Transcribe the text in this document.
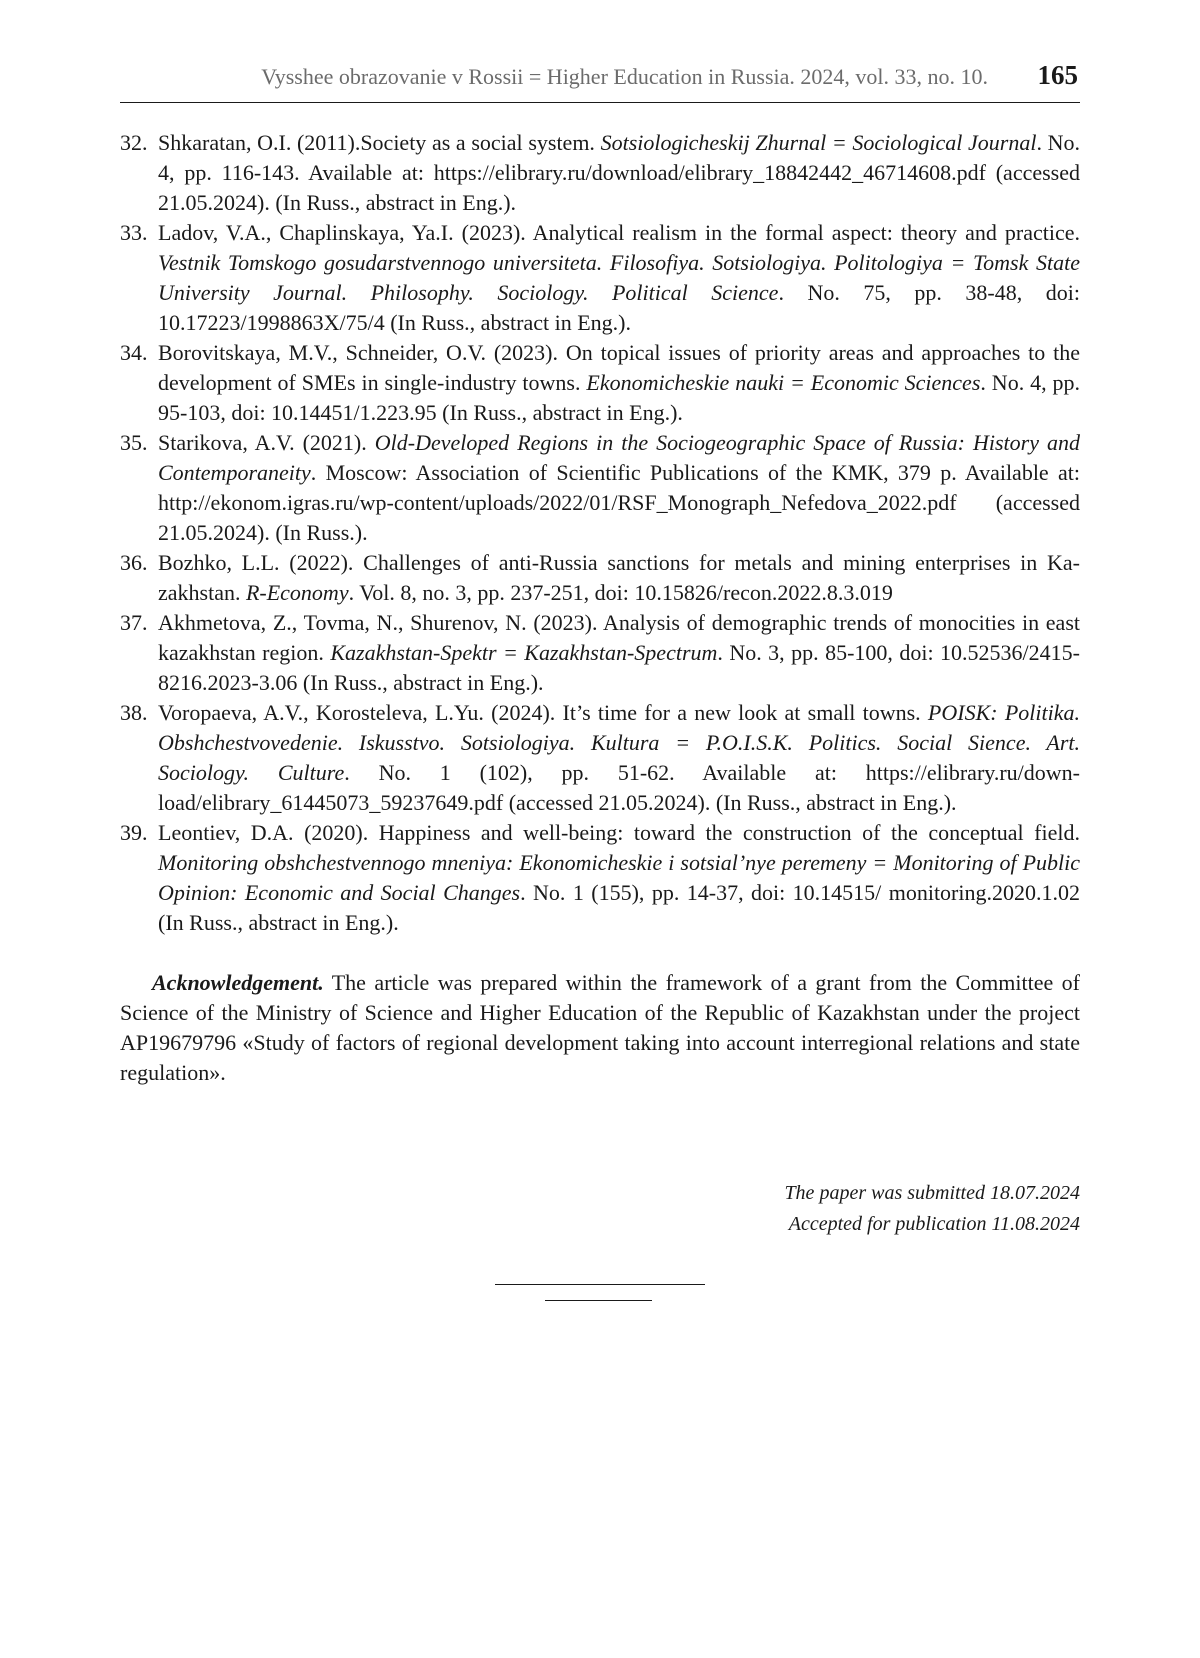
Vysshee obrazovanie v Rossii = Higher Education in Russia. 2024, vol. 33, no. 10. 165
32. Shkaratan, O.I. (2011).Society as a social system. Sotsiologicheskij Zhurnal = Sociological Journal. No. 4, pp. 116-143. Available at: https://elibrary.ru/download/elibrary_18842442_46714608.pdf (accessed 21.05.2024). (In Russ., abstract in Eng.).
33. Ladov, V.A., Chaplinskaya, Ya.I. (2023). Analytical realism in the formal aspect: theory and practice. Vestnik Tomskogo gosudarstvennogo universiteta. Filosofiya. Sotsiologiya. Politologiya = Tomsk State University Journal. Philosophy. Sociology. Political Science. No. 75, pp. 38-48, doi: 10.17223/1998863X/75/4 (In Russ., abstract in Eng.).
34. Borovitskaya, M.V., Schneider, O.V. (2023). On topical issues of priority areas and approaches to the development of SMEs in single-industry towns. Ekonomicheskie nauki = Economic Sciences. No. 4, pp. 95-103, doi: 10.14451/1.223.95 (In Russ., abstract in Eng.).
35. Starikova, A.V. (2021). Old-Developed Regions in the Sociogeographic Space of Russia: History and Contemporaneity. Moscow: Association of Scientific Publications of the KMK, 379 p. Available at: http://ekonom.igras.ru/wp-content/uploads/2022/01/RSF_Monograph_Nefedova_2022.pdf (accessed 21.05.2024). (In Russ.).
36. Bozhko, L.L. (2022). Challenges of anti-Russia sanctions for metals and mining enterprises in Kazakhstan. R-Economy. Vol. 8, no. 3, pp. 237-251, doi: 10.15826/recon.2022.8.3.019
37. Akhmetova, Z., Tovma, N., Shurenov, N. (2023). Analysis of demographic trends of monocities in east kazakhstan region. Kazakhstan-Spektr = Kazakhstan-Spectrum. No. 3, pp. 85-100, doi: 10.52536/2415-8216.2023-3.06 (In Russ., abstract in Eng.).
38. Voropaeva, A.V., Korosteleva, L.Yu. (2024). It’s time for a new look at small towns. POISK: Politika. Obshchestvovedenie. Iskusstvo. Sotsiologiya. Kultura = P.O.I.S.K. Politics. Social Sience. Art. Sociology. Culture. No. 1 (102), pp. 51-62. Available at: https://elibrary.ru/download/elibrary_61445073_59237649.pdf (accessed 21.05.2024). (In Russ., abstract in Eng.).
39. Leontiev, D.A. (2020). Happiness and well-being: toward the construction of the conceptual field. Monitoring obshchestvennogo mneniya: Ekonomicheskie i sotsial’nye peremeny = Monitoring of Public Opinion: Economic and Social Changes. No. 1 (155), pp. 14-37, doi: 10.14515/ monitoring.2020.1.02 (In Russ., abstract in Eng.).

Acknowledgement. The article was prepared within the framework of a grant from the Committee of Science of the Ministry of Science and Higher Education of the Republic of Kazakhstan under the project AP19679796 «Study of factors of regional development taking into account interregional relations and state regulation».

The paper was submitted 18.07.2024
Accepted for publication 11.08.2024
